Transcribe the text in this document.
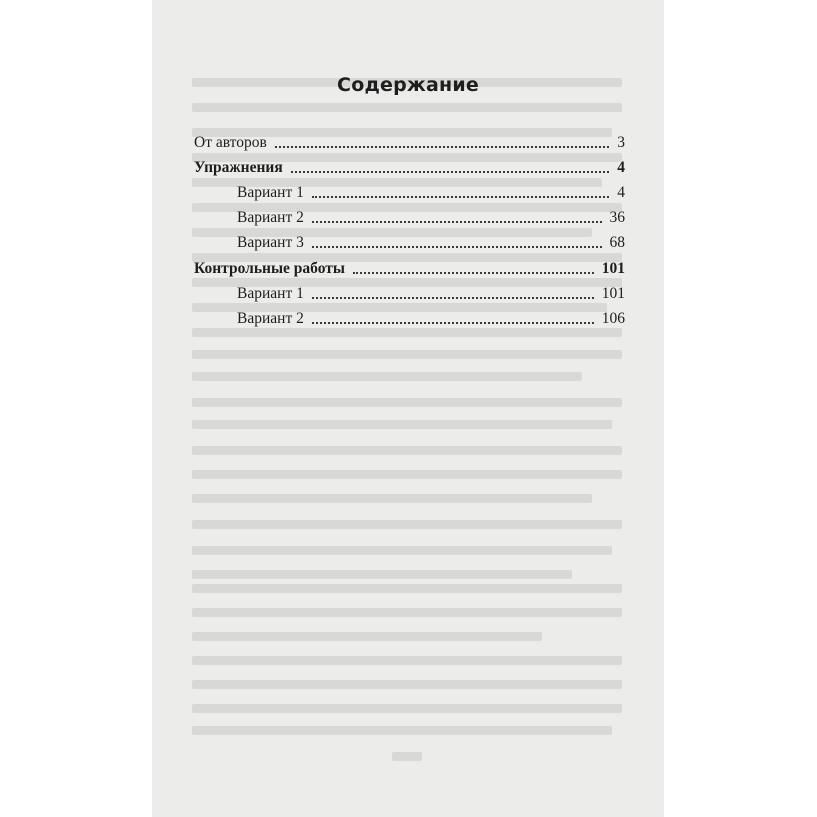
Содержание
От авторов	3
Упражнения	4
Вариант 1	4
Вариант 2	36
Вариант 3	68
Контрольные работы	101
Вариант 1	101
Вариант 2	106
